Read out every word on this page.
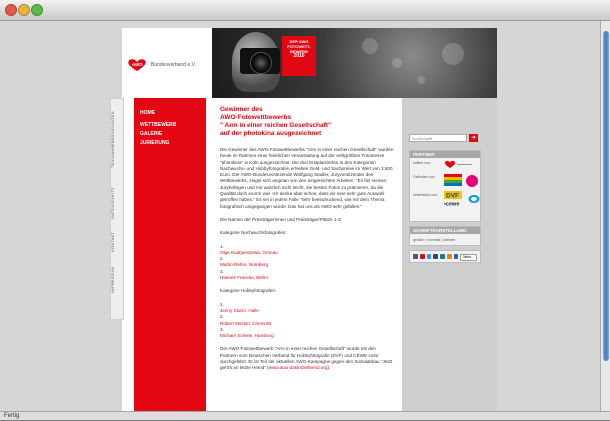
AWO Bundesverband e.V.
DER AWO
FOTOWETT-
BEWERB
2010
TEILNAHMEBEDINGUNGEN
DATENSCHUTZ
KONTAKT
IMPRESSUM
HOME
WETTBEWERB
GALERIE
JURIERUNG
Gewinner des
AWO-Fotowettbewerbs
" Arm in einer reichen Gesellschaft"
auf der photokina ausgezeichnet

Die Gewinner des AWO-Fotowettbewerbs "Arm in einer reichen Gesellschaft" wurden heute im Rahmen einer feierlichen Veranstaltung auf der weltgrößten Fotomesse "photokina" in Köln ausgezeichnet. Die drei Erstplatzierten in den Kategorien Nachwuchs- und Hobbyfotografen erhielten Geld- und Sachpreise im Wert von 3.500 Euro. Der AWO-Bundesvorsitzende Wolfgang Stadler, Juryvorsitzender des Wettbewerbs, zeigte sich angetan von den eingereichten Arbeiten: "Es fiel meinen Jurykollegen und mir wahrlich nicht leicht, die besten Fotos zu prämieren, da die Qualität doch enorm war. Ich denke aber schon, dass wir eine sehr gute Auswahl getroffen haben." Es sei in jedem Falle "sehr beeindruckend, wie mit dem Thema fotografisch umgegangen wurde. Das hat uns als AWO sehr gefallen."

Die Namen der Preisträgerinnen und Preisträger/Plätze 1-3:

Kategorie Nachwuchsfotografen:

1.
Olga Kudrjaeszewa, Gronau
2.
Martin Rehm, Nürnberg
3.
Hannes Francke, Berlin

Kategorie Hobbyfotografen:

1.
Jenny Sturm, Halle
2.
Robert Möckel, Chemnitz
3.
Michael Schiele, Hamburg

Der AWO-Fotowettbewerb "Arm in einer reichen Gesellschaft" wurde mit den Partnern vom Deutschen Verband für Hobbyfotografie (DVF) und CEWE-color durchgeführt. Er ist Teil der aktuellen AWO-Kampagne gegen den Sozialabbau "Jetzt geht's an letzte Hemd" (www.awo-dasletztehemd.org).

Suchbegriff	➜
PARTNER
Initiiert von:
Gefördert von:
Unterstützt von: DVF
•cewe
SCHRIFTDARSTELLUNG
größer | normal | kleiner
Mehr...
Fertig
